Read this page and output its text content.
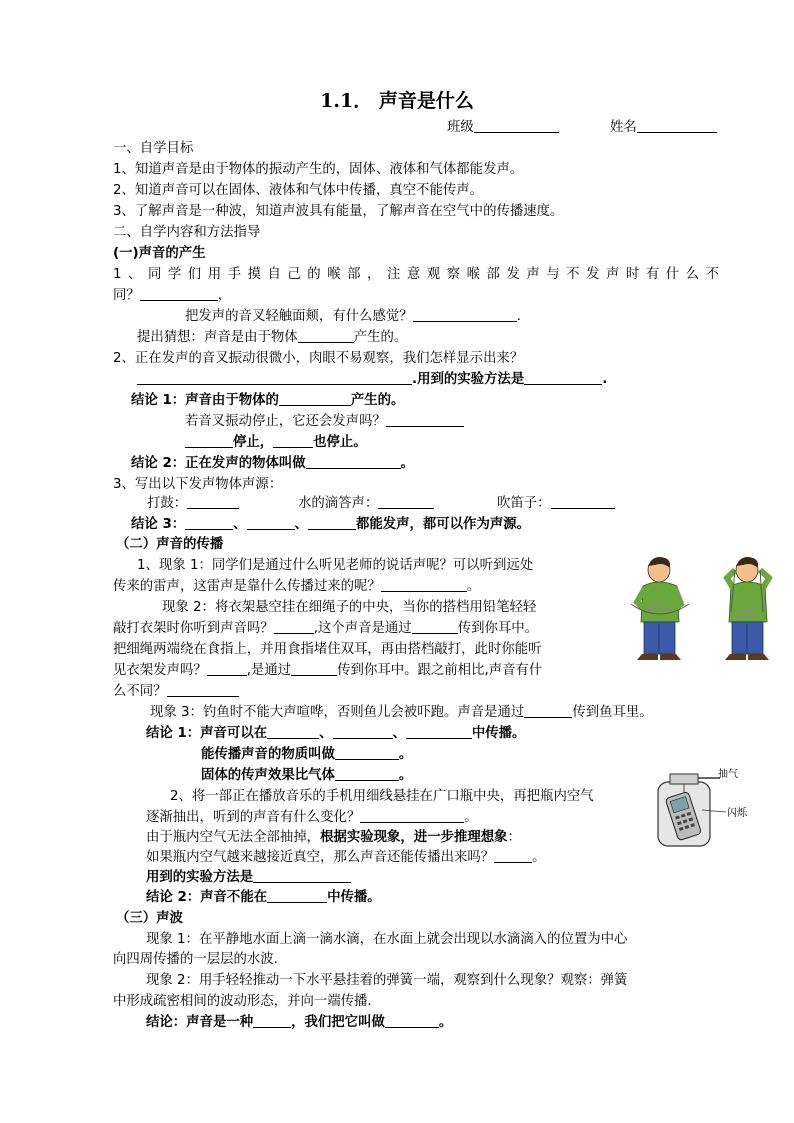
1.1． 声音是什么
班级	姓名
一、自学目标
1、知道声音是由于物体的振动产生的，固体、液体和气体都能发声。
2、知道声音可以在固体、液体和气体中传播，真空不能传声。
3、了解声音是一种波，知道声波具有能量，了解声音在空气中的传播速度。
二、自学内容和方法指导
(一)声音的产生
1、同学们用手摸自己的喉部，注意观察喉部发声与不发声时有什么不
同？	，
把发声的音叉轻触面颊，有什么感觉？	.
提出猜想：声音是由于物体	产生的。
2、正在发声的音叉振动很微小，肉眼不易观察，我们怎样显示出来？
.用到的实验方法是	.
结论 1：声音由于物体的	产生的。
若音叉振动停止，它还会发声吗？
停止，	也停止。
结论 2：正在发声的物体叫做	。
3、写出以下发声物体声源：
打鼓：	水的滴答声：	吹笛子：
结论 3：	、	、	都能发声，都可以作为声源。
（二）声音的传播
1、现象 1：同学们是通过什么听见老师的说话声呢？可以听到远处
传来的雷声，这雷声是靠什么传播过来的呢？	。
现象 2：将衣架悬空挂在细绳子的中央，当你的搭档用铅笔轻轻
敲打衣架时你听到声音吗？	,这个声音是通过	传到你耳中。
把细绳两端绕在食指上，并用食指堵住双耳，再由搭档敲打，此时你能听
见衣架发声吗？	,是通过	传到你耳中。跟之前相比,声音有什
么不同？
现象 3：钓鱼时不能大声喧哗，否则鱼儿会被吓跑。声音是通过	传到鱼耳里。
结论 1：声音可以在	、	、	中传播。
能传播声音的物质叫做	。
固体的传声效果比气体	。
2、将一部正在播放音乐的手机用细线悬挂在广口瓶中央，再把瓶内空气
逐渐抽出，听到的声音有什么变化？	。
由于瓶内空气无法全部抽掉，根据实验现象，进一步推理想象：
如果瓶内空气越来越接近真空，那么声音还能传播出来吗？	。
用到的实验方法是
结论 2：声音不能在	中传播。
（三）声波
现象 1：在平静地水面上滴一滴水滴，在水面上就会出现以水滴滴入的位置为中心
向四周传播的一层层的水波.
现象 2：用手轻轻推动一下水平悬挂着的弹簧一端，观察到什么现象？观察：弹簧
中形成疏密相间的波动形态，并向一端传播.
结论：声音是一种	，我们把它叫做	。
抽气
闪烁
